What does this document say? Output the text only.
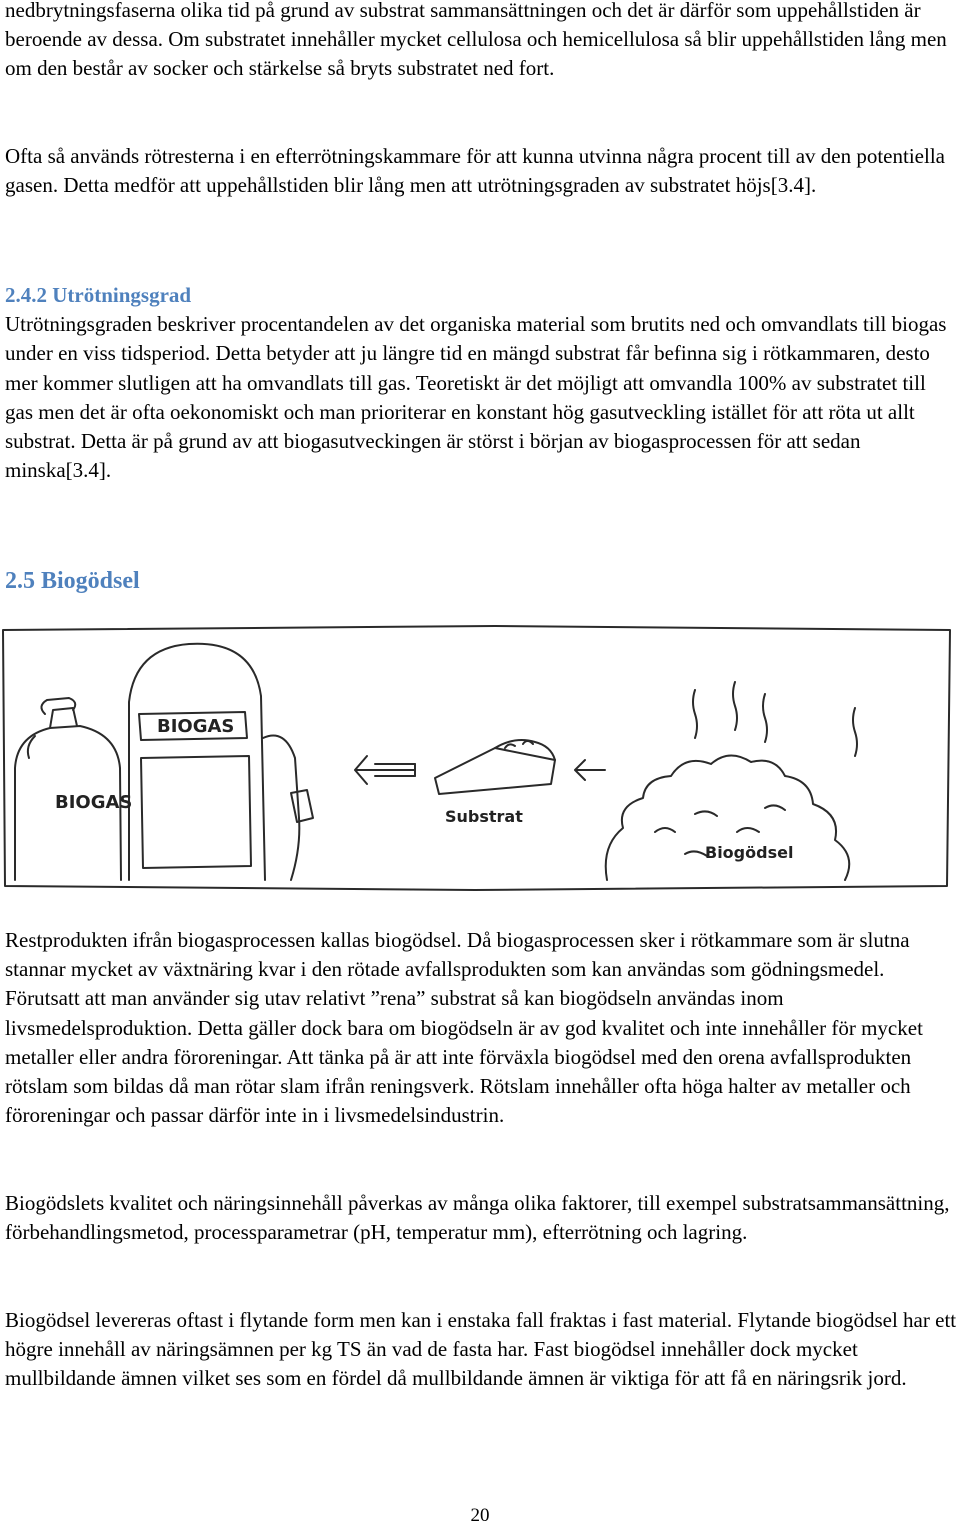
nedbrytningsfaserna olika tid på grund av substrat sammansättningen och det är därför som uppehållstiden är beroende av dessa. Om substratet innehåller mycket cellulosa och hemicellulosa så blir uppehållstiden lång men om den består av socker och stärkelse så bryts substratet ned fort.

Ofta så används rötresterna i en efterrötningskammare för att kunna utvinna några procent till av den potentiella gasen. Detta medför att uppehållstiden blir lång men att utrötningsgraden av substratet höjs[3.4].

2.4.2 Utrötningsgrad

Utrötningsgraden beskriver procentandelen av det organiska material som brutits ned och omvandlats till biogas under en viss tidsperiod. Detta betyder att ju längre tid en mängd substrat får befinna sig i rötkammaren, desto mer kommer slutligen att ha omvandlats till gas. Teoretiskt är det möjligt att omvandla 100% av substratet till gas men det är ofta oekonomiskt och man prioriterar en konstant hög gasutveckling istället för att röta ut allt substrat. Detta är på grund av att biogasutveckingen är störst i början av biogasprocessen för att sedan minska[3.4].

2.5 Biogödsel

Restprodukten ifrån biogasprocessen kallas biogödsel. Då biogasprocessen sker i rötkammare som är slutna stannar mycket av växtnäring kvar i den rötade avfallsprodukten som kan användas som gödningsmedel. Förutsatt att man använder sig utav relativt ”rena” substrat så kan biogödseln användas inom livsmedelsproduktion. Detta gäller dock bara om biogödseln är av god kvalitet och inte innehåller för mycket metaller eller andra föroreningar. Att tänka på är att inte förväxla biogödsel med den orena avfallsprodukten rötslam som bildas då man rötar slam ifrån reningsverk. Rötslam innehåller ofta höga halter av metaller och föroreningar och passar därför inte in i livsmedelsindustrin.

Biogödslets kvalitet och näringsinnehåll påverkas av många olika faktorer, till exempel substratsammansättning, förbehandlingsmetod, processparametrar (pH, temperatur mm), efterrötning och lagring.

Biogödsel levereras oftast i flytande form men kan i enstaka fall fraktas i fast material. Flytande biogödsel har ett högre innehåll av näringsämnen per kg TS än vad de fasta har. Fast biogödsel innehåller dock mycket mullbildande ämnen vilket ses som en fördel då mullbildande ämnen är viktiga för att få en näringsrik jord.

BIOGAS
BIOGAS
Substrat
Biogödsel
20
